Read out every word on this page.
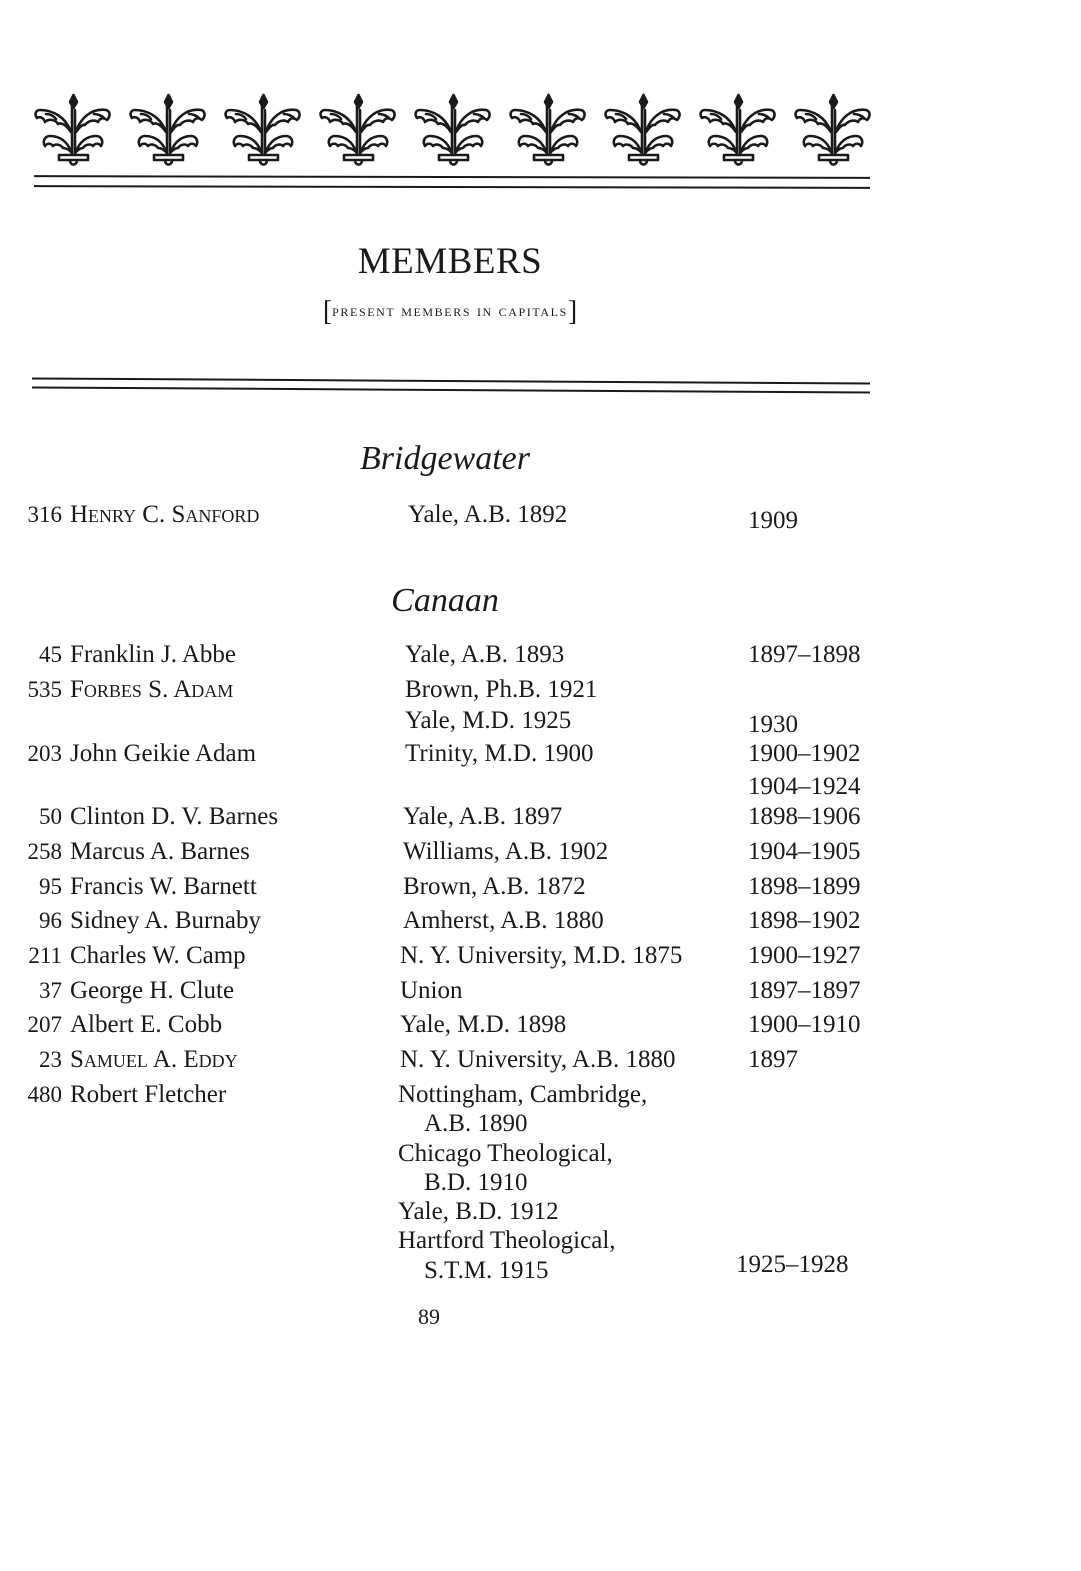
MEMBERS
[present members in capitals]
Bridgewater
316 Henry C. Sanford	Yale, A.B. 1892	1909
Canaan
45 Franklin J. Abbe	Yale, A.B. 1893	1897–1898
535 Forbes S. Adam	Brown, Ph.B. 1921
Yale, M.D. 1925	1930
203 John Geikie Adam	Trinity, M.D. 1900	1900–1902
1904–1924
50 Clinton D. V. Barnes	Yale, A.B. 1897	1898–1906
258 Marcus A. Barnes	Williams, A.B. 1902	1904–1905
95 Francis W. Barnett	Brown, A.B. 1872	1898–1899
96 Sidney A. Burnaby	Amherst, A.B. 1880	1898–1902
211 Charles W. Camp	N. Y. University, M.D. 1875	1900–1927
37 George H. Clute	Union	1897–1897
207 Albert E. Cobb	Yale, M.D. 1898	1900–1910
23 Samuel A. Eddy	N. Y. University, A.B. 1880	1897
480 Robert Fletcher	Nottingham, Cambridge,
A.B. 1890
Chicago Theological,
B.D. 1910
Yale, B.D. 1912
Hartford Theological,
S.T.M. 1915	1925–1928
89
